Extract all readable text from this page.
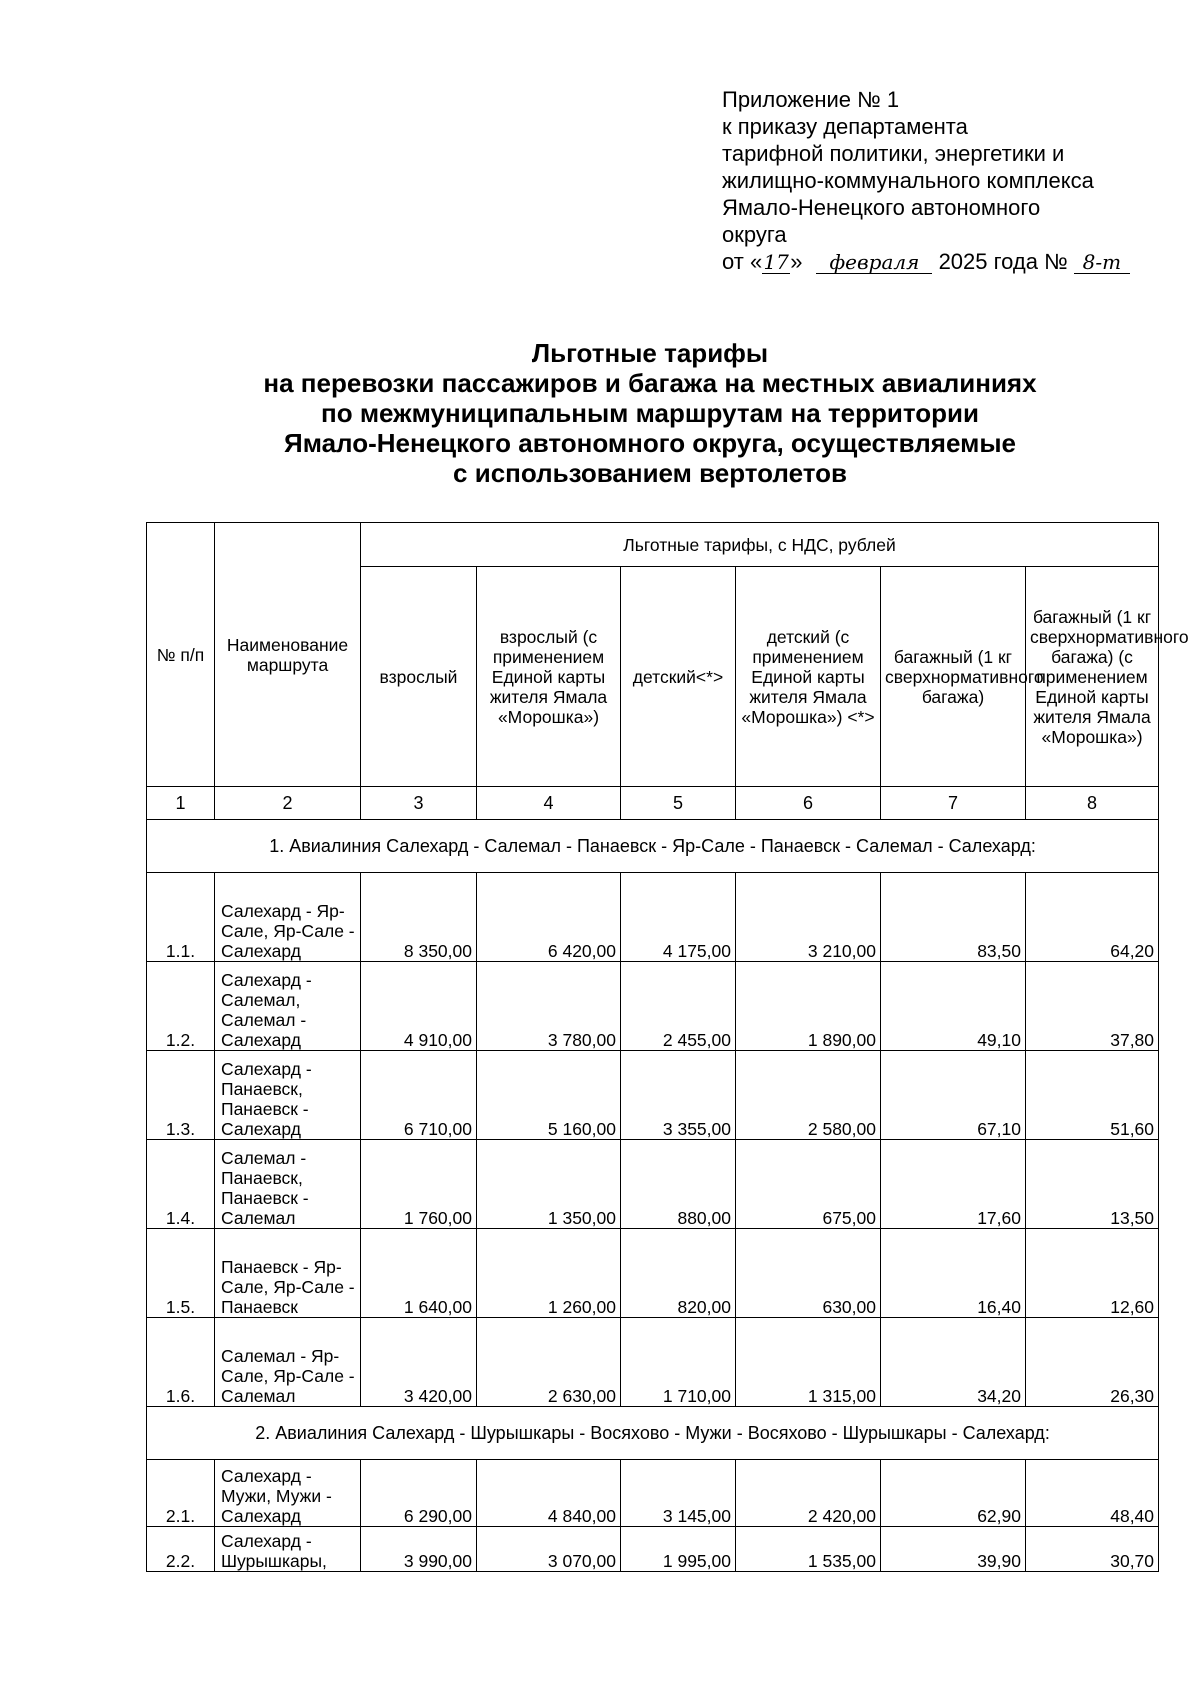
Приложение № 1
к приказу департамента
тарифной политики, энергетики и
жилищно-коммунального комплекса
Ямало-Ненецкого автономного
округа
от «17» февраля 2025 года № 8-т
Льготные тарифы
на перевозки пассажиров и багажа на местных авиалиниях
по межмуниципальным маршрутам на территории
Ямало-Ненецкого автономного округа, осуществляемые
с использованием вертолетов
№ п/п	Наименование маршрута	Льготные тарифы, с НДС, рублей					
		взрослый	взрослый (с применением Единой карты жителя Ямала «Морошка»)	детский<*>	детский (с применением Единой карты жителя Ямала «Морошка») <*>	багажный (1 кг сверхнормативного багажа)	багажный (1 кг сверхнормативного багажа) (с применением Единой карты жителя Ямала «Морошка»)
1	2	3	4	5	6	7	8
1. Авиалиния Салехард - Салемал - Панаевск - Яр-Сале - Панаевск - Салемал - Салехард:							
1.1.	Салехард - Яр-Сале, Яр-Сале - Салехард	8 350,00	6 420,00	4 175,00	3 210,00	83,50	64,20
1.2.	Салехард - Салемал, Салемал - Салехард	4 910,00	3 780,00	2 455,00	1 890,00	49,10	37,80
1.3.	Салехард - Панаевск, Панаевск - Салехард	6 710,00	5 160,00	3 355,00	2 580,00	67,10	51,60
1.4.	Салемал - Панаевск, Панаевск - Салемал	1 760,00	1 350,00	880,00	675,00	17,60	13,50
1.5.	Панаевск - Яр-Сале, Яр-Сале - Панаевск	1 640,00	1 260,00	820,00	630,00	16,40	12,60
1.6.	Салемал - Яр-Сале, Яр-Сале - Салемал	3 420,00	2 630,00	1 710,00	1 315,00	34,20	26,30
2. Авиалиния Салехард - Шурышкары - Восяхово - Мужи - Восяхово - Шурышкары - Салехард:							
2.1.	Салехард - Мужи, Мужи - Салехард	6 290,00	4 840,00	3 145,00	2 420,00	62,90	48,40
2.2.	Салехард - Шурышкары,	3 990,00	3 070,00	1 995,00	1 535,00	39,90	30,70
